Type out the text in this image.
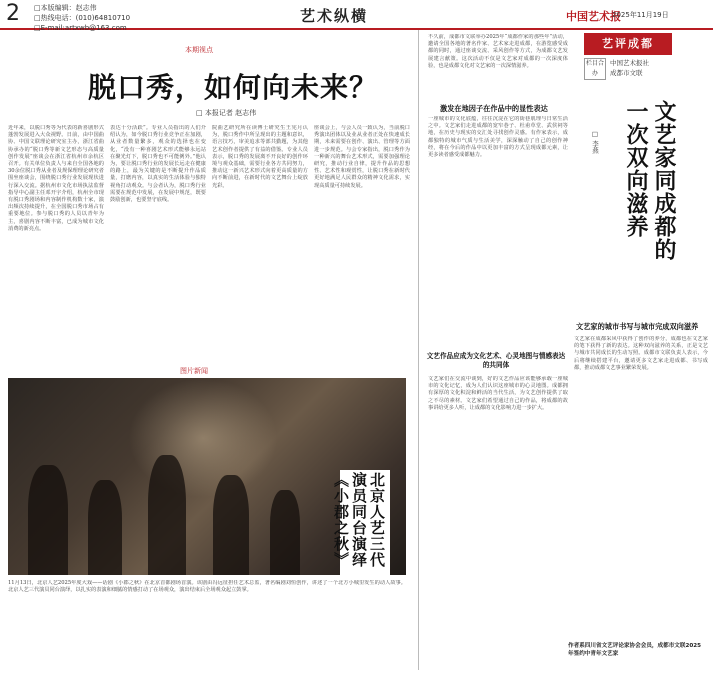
2 □本版编辑：赵志伟
□热线电话：(010)64810710
□E-mail:artxwb@163.com
艺术纵横	中国艺术报
2025年11月19日
本期视点
脱口秀，如何向未来？
□ 本报记者 赵志伟
近年来，以脱口秀等为代表的新喜剧形式蓬勃发展进入大众视野。日前，由中国曲协、中国文联理论研究室主办，浙江省曲协承办的“脱口秀等新文艺形态与高质量创作发展”座谈会在浙江省杭州市余杭区召开。有关单位负责人与来自全国各地的30余位脱口秀从业者及规保理理论研究者围坐座谈会，围绕脱口秀行业发展现状进行深入交流。据杭州市文化市场执法监督指导中心副主任邓开宇介绍，杭州全市现有脱口秀剧场和内容制作机构数十家，演出频次持续提升，在全国脱口秀市场占有重要地位。参与脱口秀的人员以青年为主，喜剧内容不断丰富，已成为城市文化消费的新亮点。
表达十分活跃”。专业人员指出的人们介绍认为，如今脱口秀行业竞争正在加剧，从业者数量繁多，观众的选择也在变化，“没有一种喜剧艺术形式能够永远站在聚光灯下，脱口秀也不可能例外。”他认为，要让脱口秀行业的发展长远走在健康的路上，最为关键的是不断提升作品质量，打磨内容，以真实的生活体验与独特视角打动观众。与会者认为，脱口秀行业需要在规范中发展，在发展中规范，既要鼓励创新，也要坚守底线。
院曲艺研究所在读博士研究生王宪月认为，脱口秀作中所呈现出的主题和意识，语言技巧，审美追求等部共勤题，为其他艺术创作者提供了有益的借鉴。专业人员表示，脱口秀的发展离不开良好的创作环境与观众基础，需要行业各方共同努力，推动这一新兴艺术形式向着更高质量的方向不断前进，在新时代的文艺舞台上绽放光彩。
座谈会上，与会人员一致认为，当前脱口秀演出团体以及业从业者正处在快速成长期，未来需要在创作、演出、管理等方面进一步规范。与会专家指出，脱口秀作为一种新兴的舞台艺术形式，需要加强理论研究，推动行业自律，提升作品的思想性、艺术性和观赏性，让脱口秀在新时代更好地满足人民群众的精神文化需求，实现高质量可持续发展。
图片新闻
北京人艺三代演员同台演绎《小郡之秋》
11月13日，北京人艺2025年度大戏——话剧《小郡之秋》在北京首都剧场首演。该剧由冯远征担任艺术总监，著名编剧刘恒创作，讲述了一个北方小城里发生的动人故事。北京人艺三代演员同台演绎，以扎实的表演和细腻的情感打动了在场观众，演出结束后全场观众起立鼓掌。
不久前，成都市文联举办2025年“成都作家的那些年”活动，邀请全国各地的著名作家、艺术家走进成都，在游览感受成都的同时，通过座谈交流、采风创作等方式，为成都文艺发展建言献策。这次活动不仅是文艺家对成都的一次深度体验，也是成都文化对文艺家的一次深情滋养。
艺评成都
栏目合办
中国艺术报社
成都市文联
文艺家同成都的一次双向滋养
□ 李燕
激发在地因子在作品中的显性表达
一座城市的文化底蕴，往往沉淀在它的街巷肌理与日常生活之中。文艺家们走进成都的宽窄巷子、杜甫草堂、武侯祠等地，在历史与现实的交汇处寻找创作灵感。有作家表示，成都独特的城市气质与生活美学，深深触动了自己的创作神经，将在今后的作品中以更加丰富的方式呈现成都元素，让更多读者感受成都魅力。
文艺作品应成为文化艺术、心灵地图与情感表达的共同体
文艺家们在交流中谈到，好的文艺作品应该能够承载一座城市的文化记忆，成为人们认识这座城市的心灵地图。成都拥有深厚的文化积淀和鲜活的当代生活，为文艺创作提供了取之不尽的素材。文艺家们希望通过自己的作品，将成都的故事讲给更多人听，让成都的文化影响力进一步扩大。
文艺家的城市书写与城市完成双向滋养
文艺家在成都采风中获得了创作的养分，成都也在文艺家的笔下获得了新的表达。这种双向滋养的关系，正是文艺与城市共同成长的生动写照。成都市文联负责人表示，今后将继续搭建平台，邀请更多文艺家走进成都、书写成都，推动成都文艺事业繁荣发展。
作者系四川省文艺评论家协会会员，成都市文联2025年签约中青年文艺家
